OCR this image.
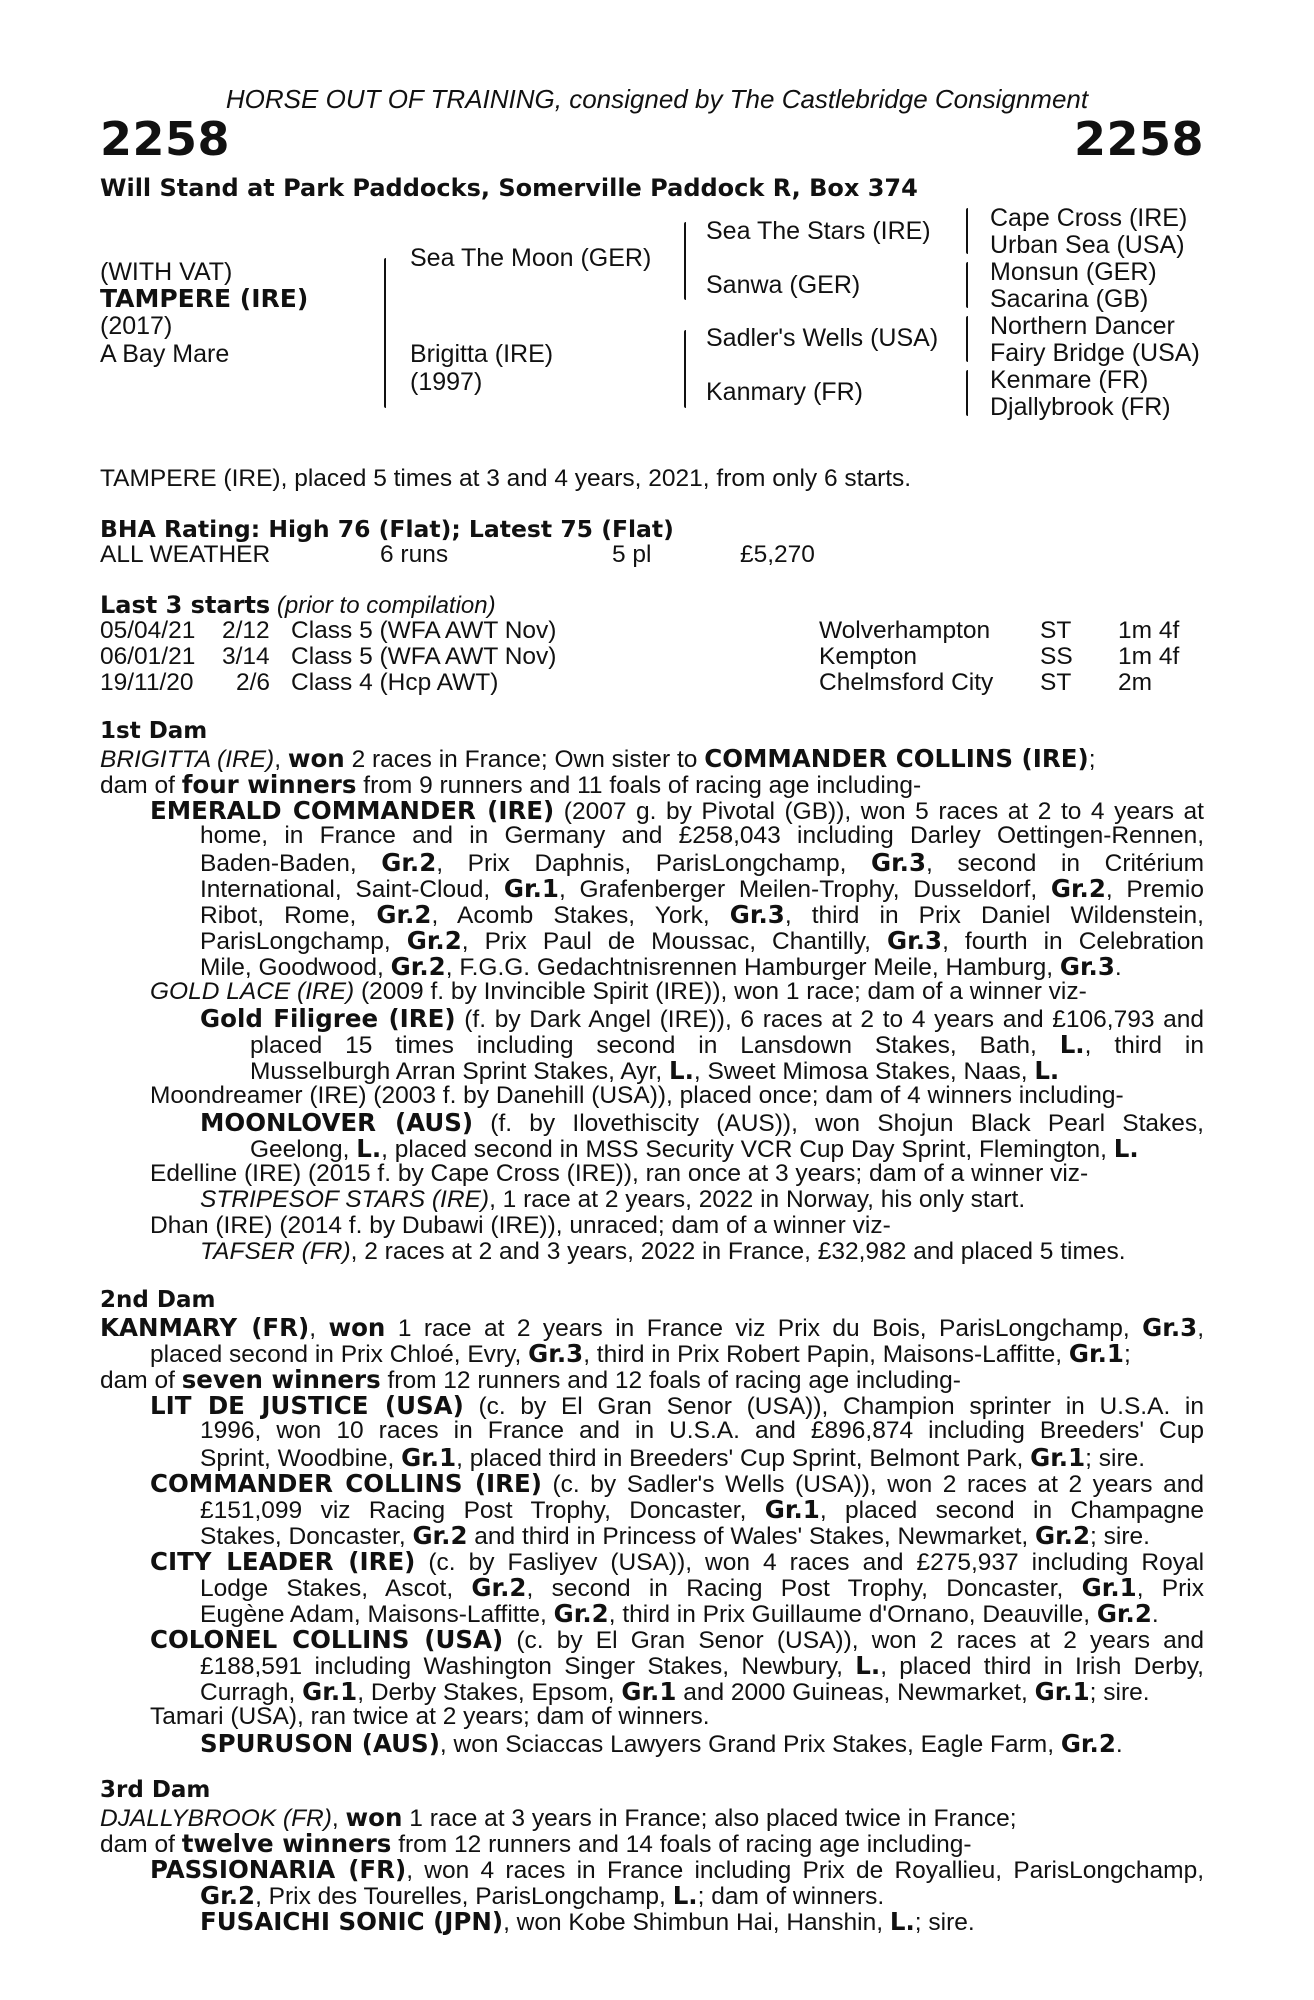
HORSE OUT OF TRAINING, consigned by The Castlebridge Consignment
2258	2258
Will Stand at Park Paddocks, Somerville Paddock R, Box 374
(WITH VAT)
TAMPERE (IRE)
(2017)
A Bay Mare
Sea The Moon (GER)
Brigitta (IRE)
(1997)
Sea The Stars (IRE)
Sanwa (GER)
Sadler's Wells (USA)
Kanmary (FR)
Cape Cross (IRE)
Urban Sea (USA)
Monsun (GER)
Sacarina (GB)
Northern Dancer
Fairy Bridge (USA)
Kenmare (FR)
Djallybrook (FR)
TAMPERE (IRE), placed 5 times at 3 and 4 years, 2021, from only 6 starts.
BHA Rating: High 76 (Flat); Latest 75 (Flat)
ALL WEATHER	6 runs	5 pl	£5,270
Last 3 starts (prior to compilation)
05/04/21 2/12 Class 5 (WFA AWT Nov)	Wolverhampton ST 1m 4f
06/01/21 3/14 Class 5 (WFA AWT Nov)	Kempton	SS 1m 4f
19/11/20 2/6 Class 4 (Hcp AWT)	Chelmsford City ST 2m
1st Dam
BRIGITTA (IRE), won 2 races in France; Own sister to COMMANDER COLLINS (IRE);
dam of four winners from 9 runners and 11 foals of racing age including-
EMERALD COMMANDER (IRE) (2007 g. by Pivotal (GB)), won 5 races at 2 to 4 years at
home, in France and in Germany and £258,043 including Darley Oettingen-Rennen,
Baden-Baden, Gr.2, Prix Daphnis, ParisLongchamp, Gr.3, second in Critérium
International, Saint-Cloud, Gr.1, Grafenberger Meilen-Trophy, Dusseldorf, Gr.2, Premio
Ribot, Rome, Gr.2, Acomb Stakes, York, Gr.3, third in Prix Daniel Wildenstein,
ParisLongchamp, Gr.2, Prix Paul de Moussac, Chantilly, Gr.3, fourth in Celebration
Mile, Goodwood, Gr.2, F.G.G. Gedachtnisrennen Hamburger Meile, Hamburg, Gr.3.
GOLD LACE (IRE) (2009 f. by Invincible Spirit (IRE)), won 1 race; dam of a winner viz-
Gold Filigree (IRE) (f. by Dark Angel (IRE)), 6 races at 2 to 4 years and £106,793 and
placed 15 times including second in Lansdown Stakes, Bath, L., third in
Musselburgh Arran Sprint Stakes, Ayr, L., Sweet Mimosa Stakes, Naas, L.
Moondreamer (IRE) (2003 f. by Danehill (USA)), placed once; dam of 4 winners including-
MOONLOVER (AUS) (f. by Ilovethiscity (AUS)), won Shojun Black Pearl Stakes,
Geelong, L., placed second in MSS Security VCR Cup Day Sprint, Flemington, L.
Edelline (IRE) (2015 f. by Cape Cross (IRE)), ran once at 3 years; dam of a winner viz-
STRIPESOF STARS (IRE), 1 race at 2 years, 2022 in Norway, his only start.
Dhan (IRE) (2014 f. by Dubawi (IRE)), unraced; dam of a winner viz-
TAFSER (FR), 2 races at 2 and 3 years, 2022 in France, £32,982 and placed 5 times.
2nd Dam
KANMARY (FR), won 1 race at 2 years in France viz Prix du Bois, ParisLongchamp, Gr.3,
placed second in Prix Chloé, Evry, Gr.3, third in Prix Robert Papin, Maisons-Laffitte, Gr.1;
dam of seven winners from 12 runners and 12 foals of racing age including-
LIT DE JUSTICE (USA) (c. by El Gran Senor (USA)), Champion sprinter in U.S.A. in
1996, won 10 races in France and in U.S.A. and £896,874 including Breeders' Cup
Sprint, Woodbine, Gr.1, placed third in Breeders' Cup Sprint, Belmont Park, Gr.1; sire.
COMMANDER COLLINS (IRE) (c. by Sadler's Wells (USA)), won 2 races at 2 years and
£151,099 viz Racing Post Trophy, Doncaster, Gr.1, placed second in Champagne
Stakes, Doncaster, Gr.2 and third in Princess of Wales' Stakes, Newmarket, Gr.2; sire.
CITY LEADER (IRE) (c. by Fasliyev (USA)), won 4 races and £275,937 including Royal
Lodge Stakes, Ascot, Gr.2, second in Racing Post Trophy, Doncaster, Gr.1, Prix
Eugène Adam, Maisons-Laffitte, Gr.2, third in Prix Guillaume d'Ornano, Deauville, Gr.2.
COLONEL COLLINS (USA) (c. by El Gran Senor (USA)), won 2 races at 2 years and
£188,591 including Washington Singer Stakes, Newbury, L., placed third in Irish Derby,
Curragh, Gr.1, Derby Stakes, Epsom, Gr.1 and 2000 Guineas, Newmarket, Gr.1; sire.
Tamari (USA), ran twice at 2 years; dam of winners.
SPURUSON (AUS), won Sciaccas Lawyers Grand Prix Stakes, Eagle Farm, Gr.2.
3rd Dam
DJALLYBROOK (FR), won 1 race at 3 years in France; also placed twice in France;
dam of twelve winners from 12 runners and 14 foals of racing age including-
PASSIONARIA (FR), won 4 races in France including Prix de Royallieu, ParisLongchamp,
Gr.2, Prix des Tourelles, ParisLongchamp, L.; dam of winners.
FUSAICHI SONIC (JPN), won Kobe Shimbun Hai, Hanshin, L.; sire.
